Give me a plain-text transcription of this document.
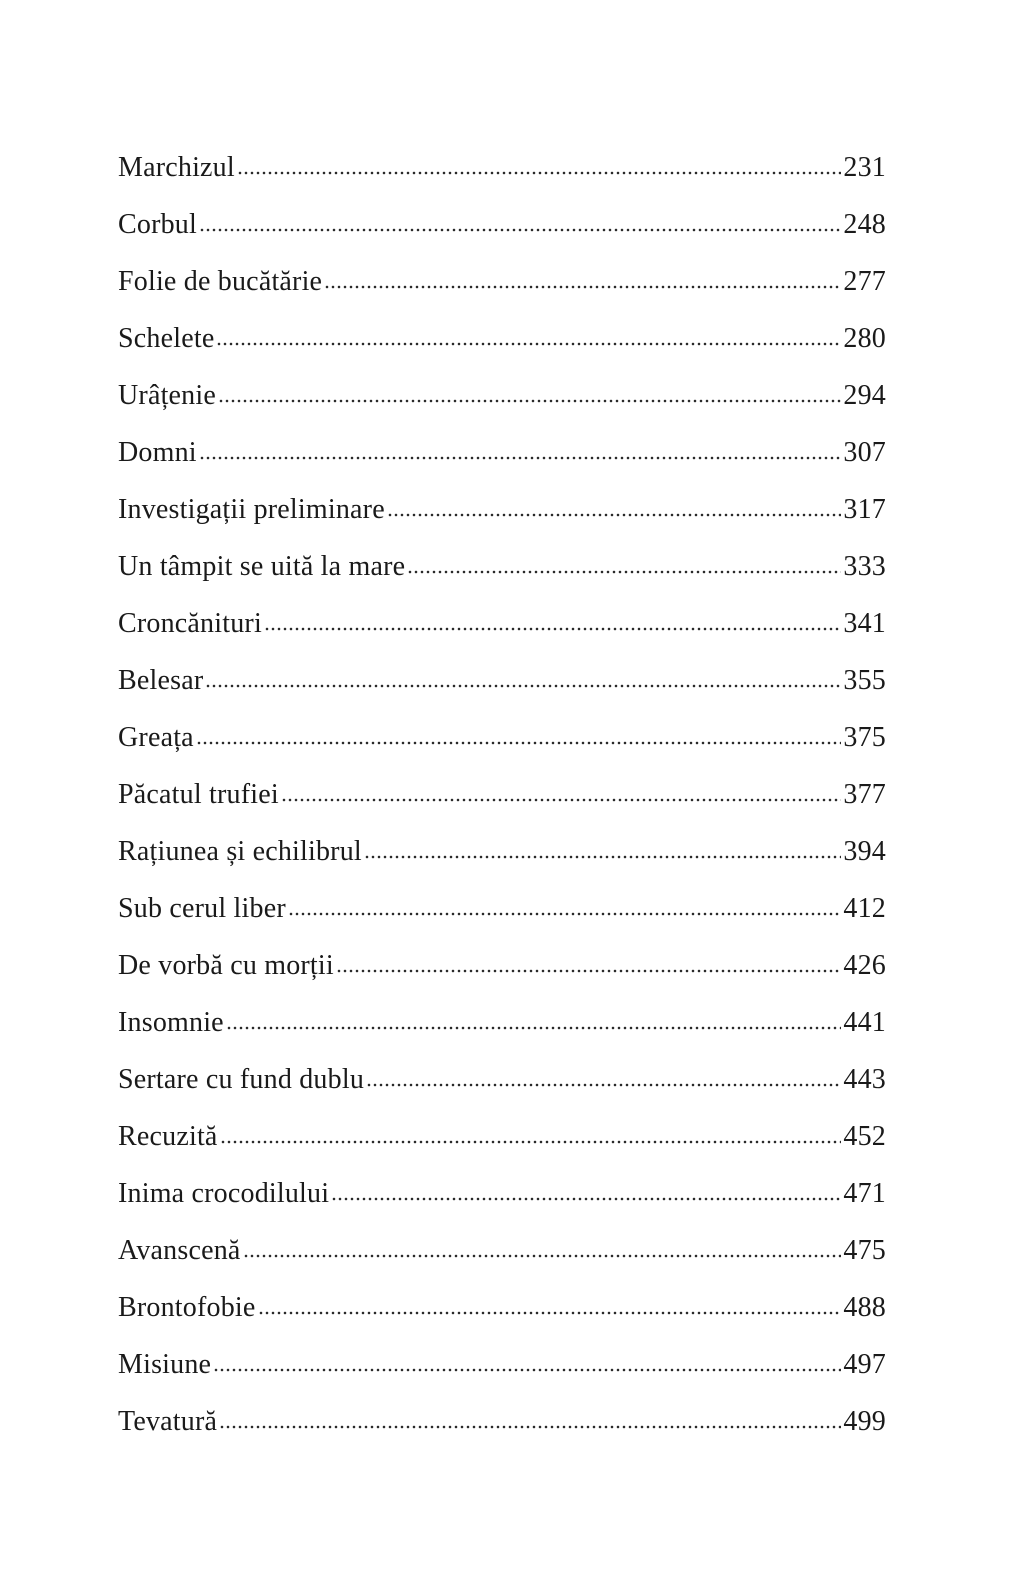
Marchizul	231
Corbul	248
Folie de bucătărie	277
Schelete	280
Urâțenie	294
Domni	307
Investigații preliminare	317
Un tâmpit se uită la mare	333
Croncănituri	341
Belesar	355
Greața	375
Păcatul trufiei	377
Rațiunea și echilibrul	394
Sub cerul liber	412
De vorbă cu morții	426
Insomnie	441
Sertare cu fund dublu	443
Recuzită	452
Inima crocodilului	471
Avanscenă	475
Brontofobie	488
Misiune	497
Tevatură	499
